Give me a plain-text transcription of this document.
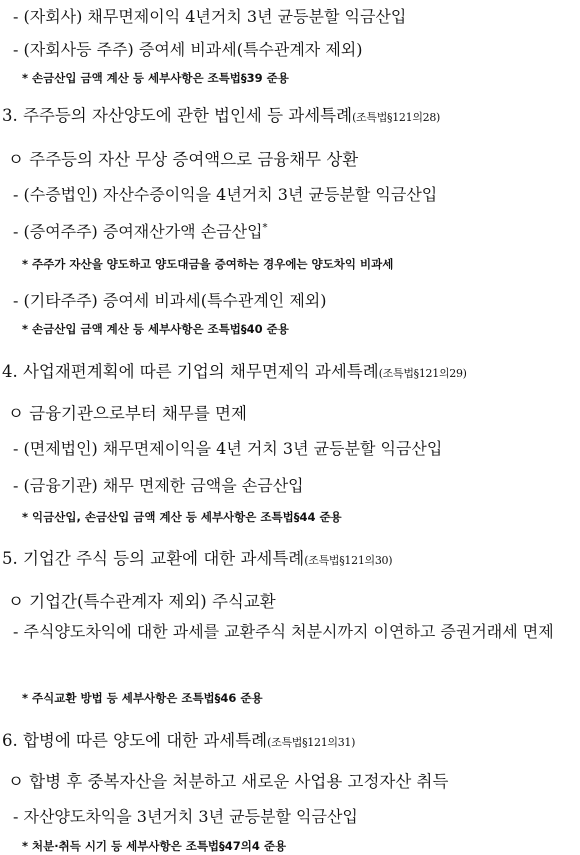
- (자회사) 채무면제이익 4년거치 3년 균등분할 익금산입
- (자회사등 주주) 증여세 비과세(특수관계자 제외)
* 손금산입 금액 계산 등 세부사항은 조특법§39 준용
3. 주주등의 자산양도에 관한 법인세 등 과세특례(조특법§121의28)
ㅇ 주주등의 자산 무상 증여액으로 금융채무 상환
- (수증법인) 자산수증이익을 4년거치 3년 균등분할 익금산입
- (증여주주) 증여재산가액 손금산입*
* 주주가 자산을 양도하고 양도대금을 증여하는 경우에는 양도차익 비과세
- (기타주주) 증여세 비과세(특수관계인 제외)
* 손금산입 금액 계산 등 세부사항은 조특법§40 준용
4. 사업재편계획에 따른 기업의 채무면제익 과세특례(조특법§121의29)
ㅇ 금융기관으로부터 채무를 면제
- (면제법인) 채무면제이익을 4년 거치 3년 균등분할 익금산입
- (금융기관) 채무 면제한 금액을 손금산입
* 익금산입, 손금산입 금액 계산 등 세부사항은 조특법§44 준용
5. 기업간 주식 등의 교환에 대한 과세특례(조특법§121의30)
ㅇ 기업간(특수관계자 제외) 주식교환
- 주식양도차익에 대한 과세를 교환주식 처분시까지 이연하고 증권거래세 면제
* 주식교환 방법 등 세부사항은 조특법§46 준용
6. 합병에 따른 양도에 대한 과세특례(조특법§121의31)
ㅇ 합병 후 중복자산을 처분하고 새로운 사업용 고정자산 취득
- 자산양도차익을 3년거치 3년 균등분할 익금산입
* 처분·취득 시기 등 세부사항은 조특법§47의4 준용
